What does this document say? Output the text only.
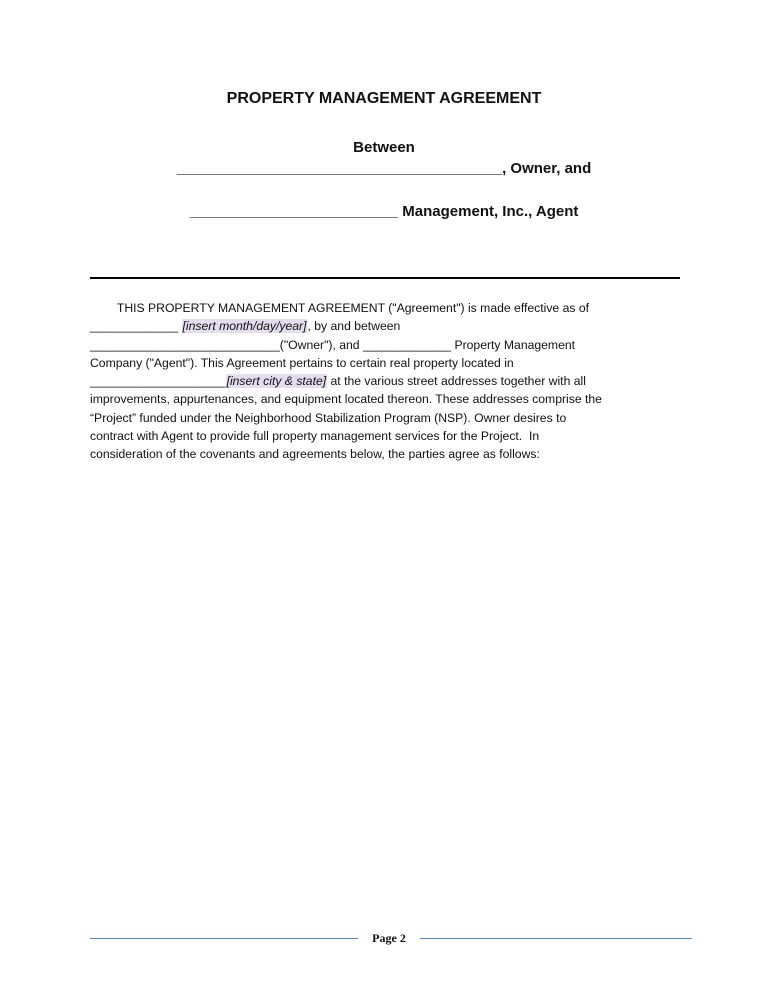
PROPERTY MANAGEMENT AGREEMENT
Between
_______________________________________, Owner, and
_________________________ Management, Inc., Agent
THIS PROPERTY MANAGEMENT AGREEMENT ("Agreement") is made effective as of
_____________ [insert month/day/year], by and between
____________________________("Owner"), and _____________ Property Management
Company ("Agent"). This Agreement pertains to certain real property located in
____________________[insert city & state] at the various street addresses together with all
improvements, appurtenances, and equipment located thereon. These addresses comprise the
“Project” funded under the Neighborhood Stabilization Program (NSP). Owner desires to
contract with Agent to provide full property management services for the Project.  In
consideration of the covenants and agreements below, the parties agree as follows:
Page 2
